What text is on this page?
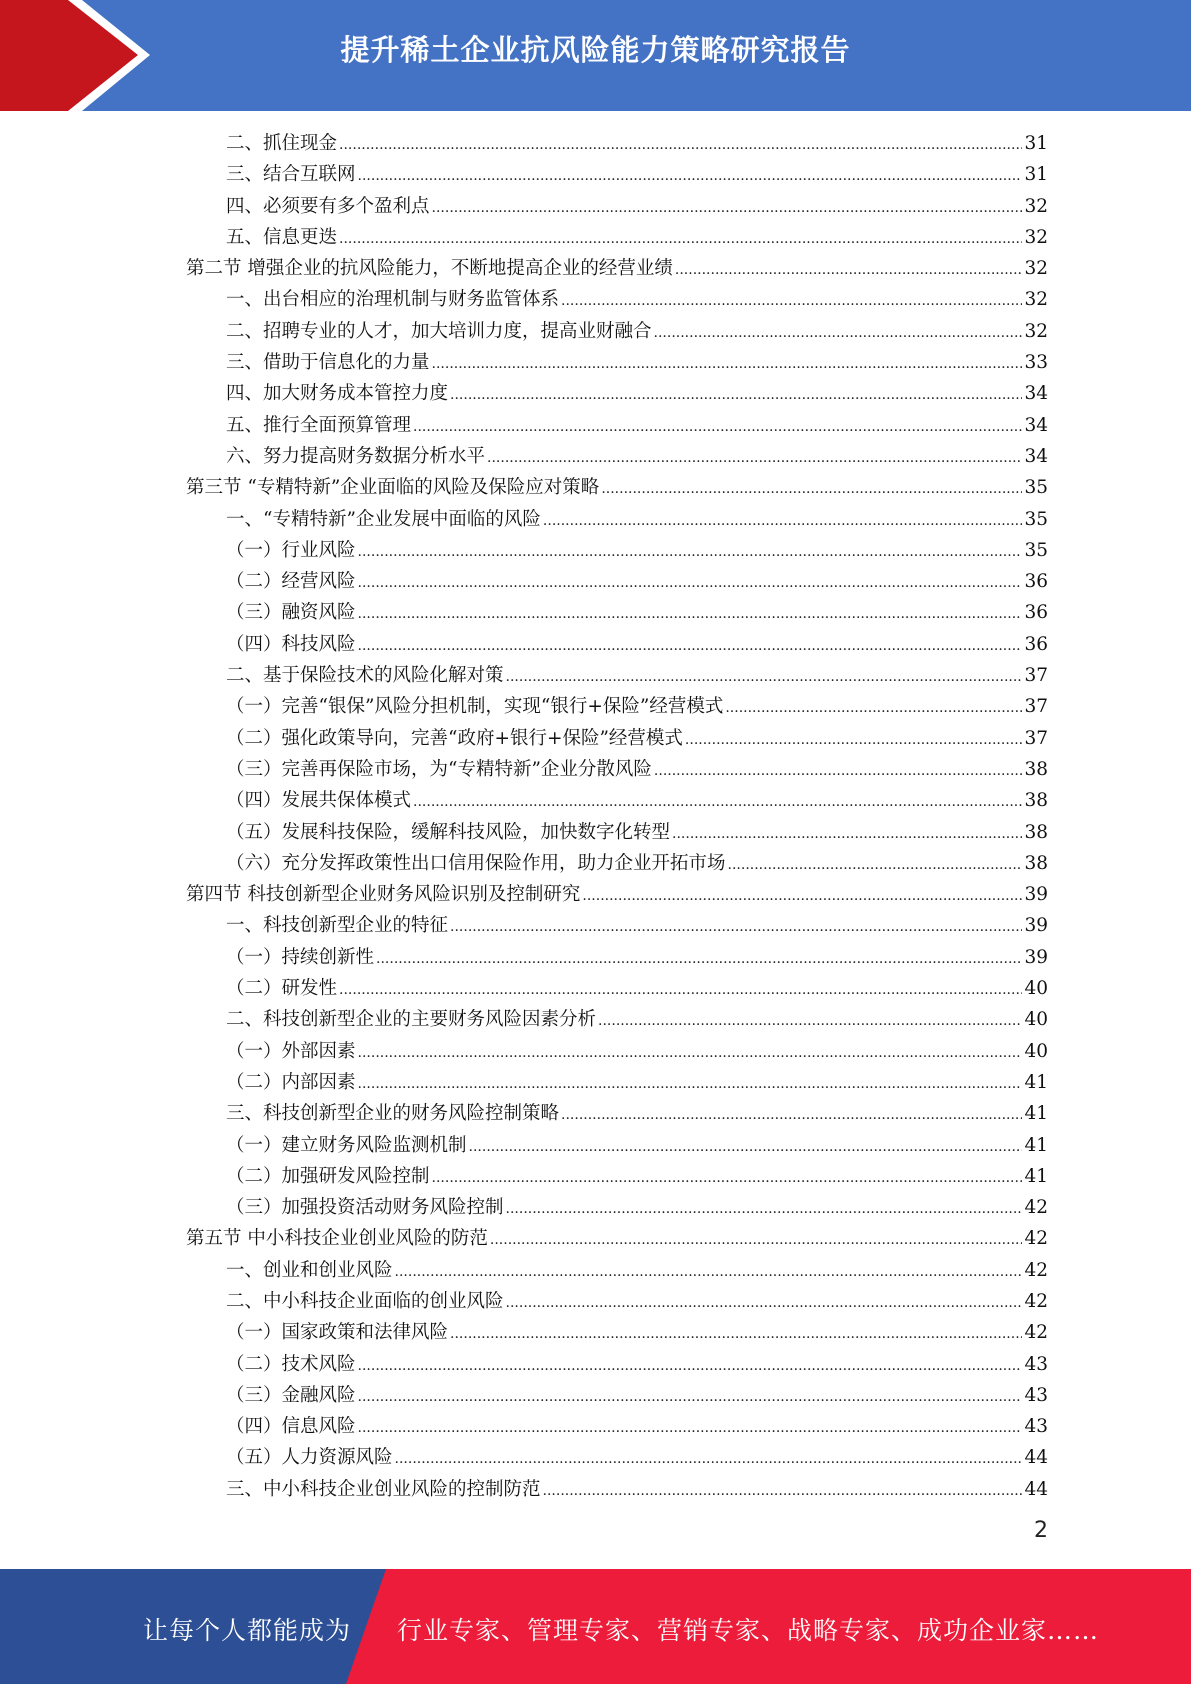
提升稀土企业抗风险能力策略研究报告
二、抓住现金 .....	31
三、结合互联网 .....	31
四、必须要有多个盈利点 .....	32
五、信息更迭 .....	32
第二节 增强企业的抗风险能力，不断地提高企业的经营业绩 .....	32
一、出台相应的治理机制与财务监管体系 .....	32
二、招聘专业的人才，加大培训力度，提高业财融合 .....	32
三、借助于信息化的力量 .....	33
四、加大财务成本管控力度 .....	34
五、推行全面预算管理 .....	34
六、努力提高财务数据分析水平 .....	34
第三节 “专精特新”企业面临的风险及保险应对策略 .....	35
一、“专精特新”企业发展中面临的风险 .....	35
（一）行业风险 .....	35
（二）经营风险 .....	36
（三）融资风险 .....	36
（四）科技风险 .....	36
二、基于保险技术的风险化解对策 .....	37
（一）完善“银保”风险分担机制，实现“银行+保险”经营模式 .....	37
（二）强化政策导向，完善“政府+银行+保险”经营模式 .....	37
（三）完善再保险市场，为“专精特新”企业分散风险 .....	38
（四）发展共保体模式 .....	38
（五）发展科技保险，缓解科技风险，加快数字化转型 .....	38
（六）充分发挥政策性出口信用保险作用，助力企业开拓市场 .....	38
第四节 科技创新型企业财务风险识别及控制研究 .....	39
一、科技创新型企业的特征 .....	39
（一）持续创新性 .....	39
（二）研发性 .....	40
二、科技创新型企业的主要财务风险因素分析 .....	40
（一）外部因素 .....	40
（二）内部因素 .....	41
三、科技创新型企业的财务风险控制策略 .....	41
（一）建立财务风险监测机制 .....	41
（二）加强研发风险控制 .....	41
（三）加强投资活动财务风险控制 .....	42
第五节 中小科技企业创业风险的防范 .....	42
一、创业和创业风险 .....	42
二、中小科技企业面临的创业风险 .....	42
（一）国家政策和法律风险 .....	42
（二）技术风险 .....	43
（三）金融风险 .....	43
（四）信息风险 .....	43
（五）人力资源风险 .....	44
三、中小科技企业创业风险的控制防范 .....	44
2
让每个人都能成为 行业专家、管理专家、营销专家、战略专家、成功企业家……
